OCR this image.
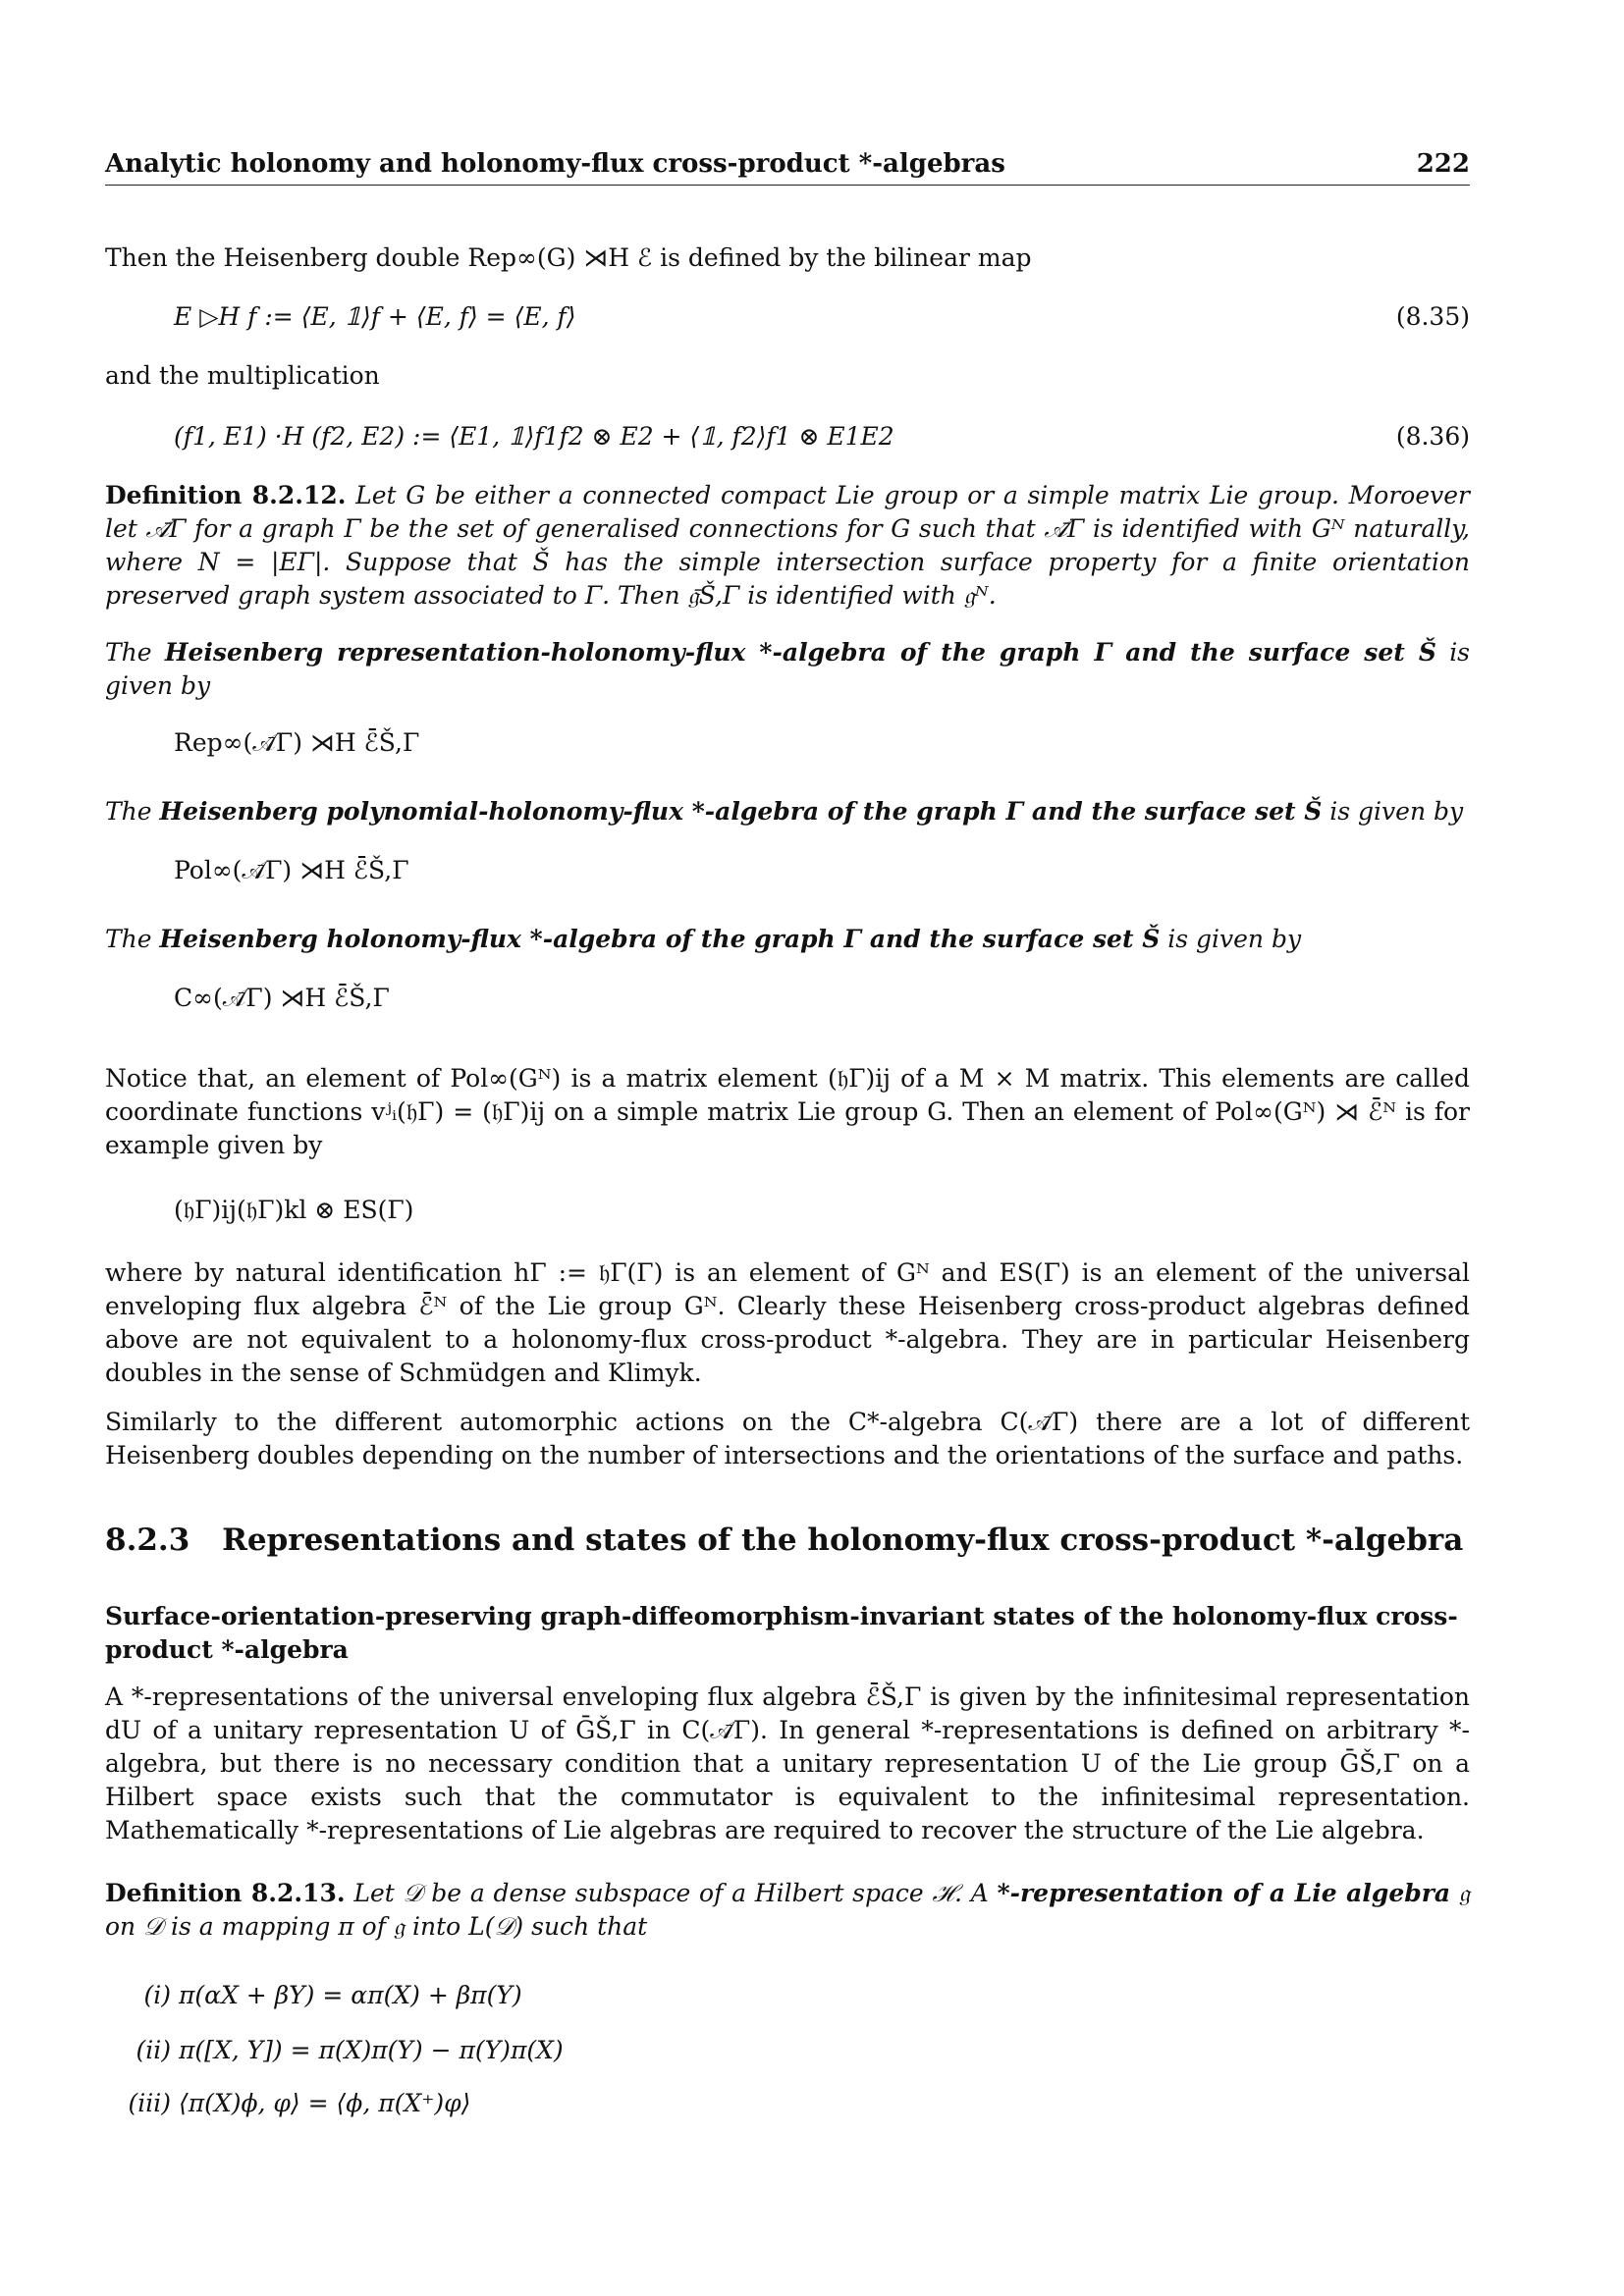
Analytic holonomy and holonomy-flux cross-product *-algebras	222
Then the Heisenberg double Rep∞(G) ⋊H ℰ is defined by the bilinear map
E ▷H f := ⟨E, 𝟙⟩f + ⟨E, f⟩ = ⟨E, f⟩	(8.35)
and the multiplication
(f1, E1) ·H (f2, E2) := ⟨E1, 𝟙⟩f1f2 ⊗ E2 + ⟨𝟙, f2⟩f1 ⊗ E1E2	(8.36)
Definition 8.2.12. Let G be either a connected compact Lie group or a simple matrix Lie group. Moroever let 𝒜̄Γ for a graph Γ be the set of generalised connections for G such that 𝒜̄Γ is identified with Gᴺ naturally, where N = |EΓ|. Suppose that Š has the simple intersection surface property for a finite orientation preserved graph system associated to Γ. Then 𝔤̄Š,Γ is identified with 𝔤ᴺ.
The Heisenberg representation-holonomy-flux *-algebra of the graph Γ and the surface set Š is given by
Rep∞(𝒜̄Γ) ⋊H ℰ̄Š,Γ
The Heisenberg polynomial-holonomy-flux *-algebra of the graph Γ and the surface set Š is given by
Pol∞(𝒜̄Γ) ⋊H ℰ̄Š,Γ
The Heisenberg holonomy-flux *-algebra of the graph Γ and the surface set Š is given by
C∞(𝒜̄Γ) ⋊H ℰ̄Š,Γ
Notice that, an element of Pol∞(Gᴺ) is a matrix element (𝔥Γ)ij of a M × M matrix. This elements are called coordinate functions vʲᵢ(𝔥Γ) = (𝔥Γ)ij on a simple matrix Lie group G. Then an element of Pol∞(Gᴺ) ⋊ ℰ̄ᴺ is for example given by
(𝔥Γ)ij(𝔥Γ)kl ⊗ ES(Γ)
where by natural identification hΓ := 𝔥Γ(Γ) is an element of Gᴺ and ES(Γ) is an element of the universal enveloping flux algebra ℰ̄ᴺ of the Lie group Gᴺ. Clearly these Heisenberg cross-product algebras defined above are not equivalent to a holonomy-flux cross-product *-algebra. They are in particular Heisenberg doubles in the sense of Schmüdgen and Klimyk.
Similarly to the different automorphic actions on the C*-algebra C(𝒜̄Γ) there are a lot of different Heisenberg doubles depending on the number of intersections and the orientations of the surface and paths.
8.2.3 Representations and states of the holonomy-flux cross-product *-algebra
Surface-orientation-preserving graph-diffeomorphism-invariant states of the holonomy-flux cross-product *-algebra
A *-representations of the universal enveloping flux algebra ℰ̄Š,Γ is given by the infinitesimal representation dU of a unitary representation U of ḠŠ,Γ in C(𝒜̄Γ). In general *-representations is defined on arbitrary *-algebra, but there is no necessary condition that a unitary representation U of the Lie group ḠŠ,Γ on a Hilbert space exists such that the commutator is equivalent to the infinitesimal representation. Mathematically *-representations of Lie algebras are required to recover the structure of the Lie algebra.
Definition 8.2.13. Let 𝒟 be a dense subspace of a Hilbert space ℋ. A *-representation of a Lie algebra 𝔤 on 𝒟 is a mapping π of 𝔤 into L(𝒟) such that
(i) π(αX + βY) = απ(X) + βπ(Y)
(ii) π([X, Y]) = π(X)π(Y) − π(Y)π(X)
(iii) ⟨π(X)ϕ, φ⟩ = ⟨ϕ, π(X⁺)φ⟩
